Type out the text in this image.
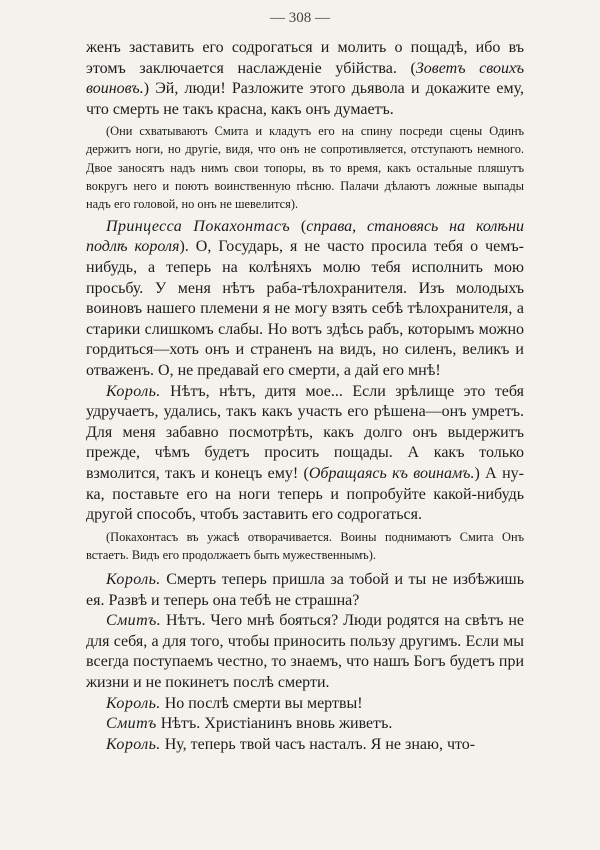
— 308 —

женъ заставить его содрогаться и молить о пощадѣ, ибо въ этомъ заключается наслажденіе убійства. (Зоветъ своихъ воиновъ.) Эй, люди! Разложите этого дьявола и докажите ему, что смерть не такъ красна, какъ онъ думаетъ.

(Они схватываютъ Смита и кладутъ его на спину посреди сцены Одинъ держитъ ноги, но другіе, видя, что онъ не сопротивляется, отступаютъ немного. Двое заносятъ надъ нимъ свои топоры, въ то время, какъ остальные пляшутъ вокругъ него и поютъ воинственную пѣсню. Палачи дѣлаютъ ложные выпады надъ его головой, но онъ не шевелится).

Принцесса Покахонтасъ (справа, становясь на колѣни подлѣ короля). О, Государь, я не часто просила тебя о чемъ-нибудь, а теперь на колѣняхъ молю тебя исполнить мою просьбу. У меня нѣтъ раба-тѣлохранителя. Изъ молодыхъ воиновъ нашего племени я не могу взять себѣ тѣлохранителя, а старики слишкомъ слабы. Но вотъ здѣсь рабъ, которымъ можно гордиться—хоть онъ и страненъ на видъ, но силенъ, великъ и отваженъ. О, не предавай его смерти, а дай его мнѣ!

Король. Нѣтъ, нѣтъ, дитя мое... Если зрѣлище это тебя удручаетъ, удались, такъ какъ участь его рѣшена—онъ умретъ. Для меня забавно посмотрѣть, какъ долго онъ выдержитъ прежде, чѣмъ будетъ просить пощады. А какъ только взмолится, такъ и конецъ ему! (Обращаясь къ воинамъ.) А ну-ка, поставьте его на ноги теперь и попробуйте какой-нибудь другой способъ, чтобъ заставить его содрогаться.

(Покахонтасъ въ ужасѣ отворачивается. Воины поднимаютъ Смита Онъ встаетъ. Видъ его продолжаетъ быть мужественнымъ).

Король. Смерть теперь пришла за тобой и ты не избѣжишь ея. Развѣ и теперь она тебѣ не страшна?

Смитъ. Нѣтъ. Чего мнѣ бояться? Люди родятся на свѣтъ не для себя, а для того, чтобы приносить пользу другимъ. Если мы всегда поступаемъ честно, то знаемъ, что нашъ Богъ будетъ при жизни и не покинетъ послѣ смерти.

Король. Но послѣ смерти вы мертвы!

Смитъ Нѣтъ. Христіанинъ вновь живетъ.

Король. Ну, теперь твой часъ насталъ. Я не знаю, что-
